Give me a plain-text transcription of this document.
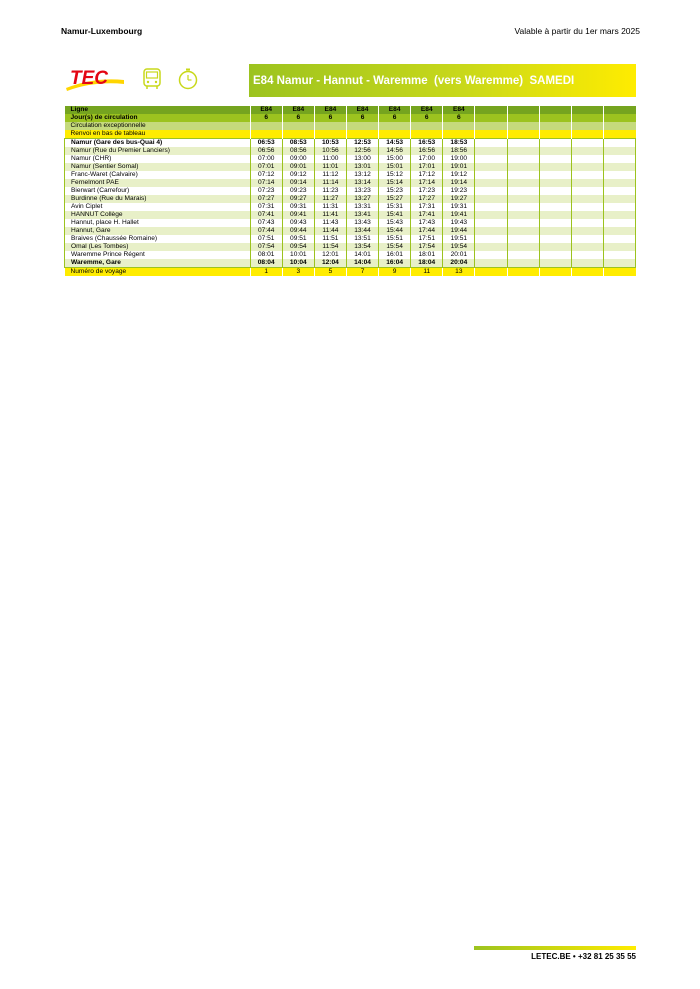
Namur-Luxembourg	Valable à partir du 1er mars 2025
TEC	E84 Namur - Hannut - Waremme  (vers Waremme)  SAMEDI
Ligne	E84	E84	E84	E84	E84	E84	E84					
Jour(s) de circulation	6	6	6	6	6	6	6					
Circulation exceptionnelle												
Renvoi en bas de tableau												
Namur (Gare des bus-Quai 4)	06:53	08:53	10:53	12:53	14:53	16:53	18:53					
Namur (Rue du Premier Lanciers)	06:56	08:56	10:56	12:56	14:56	16:56	18:56					
Namur (CHR)	07:00	09:00	11:00	13:00	15:00	17:00	19:00					
Namur (Sentier Somal)	07:01	09:01	11:01	13:01	15:01	17:01	19:01					
Franc-Waret (Calvaire)	07:12	09:12	11:12	13:12	15:12	17:12	19:12					
Fernelmont PAE	07:14	09:14	11:14	13:14	15:14	17:14	19:14					
Bierwart (Carrefour)	07:23	09:23	11:23	13:23	15:23	17:23	19:23					
Burdinne (Rue du Marais)	07:27	09:27	11:27	13:27	15:27	17:27	19:27					
Avin Ciplet	07:31	09:31	11:31	13:31	15:31	17:31	19:31					
HANNUT Collège	07:41	09:41	11:41	13:41	15:41	17:41	19:41					
Hannut, place H. Hallet	07:43	09:43	11:43	13:43	15:43	17:43	19:43					
Hannut, Gare	07:44	09:44	11:44	13:44	15:44	17:44	19:44					
Braives (Chaussée Romaine)	07:51	09:51	11:51	13:51	15:51	17:51	19:51					
Omal (Les Tombes)	07:54	09:54	11:54	13:54	15:54	17:54	19:54					
Waremme Prince Régent	08:01	10:01	12:01	14:01	16:01	18:01	20:01					
Waremme, Gare	08:04	10:04	12:04	14:04	16:04	18:04	20:04					
Numéro de voyage	1	3	5	7	9	11	13					
LETEC.BE • +32 81 25 35 55
